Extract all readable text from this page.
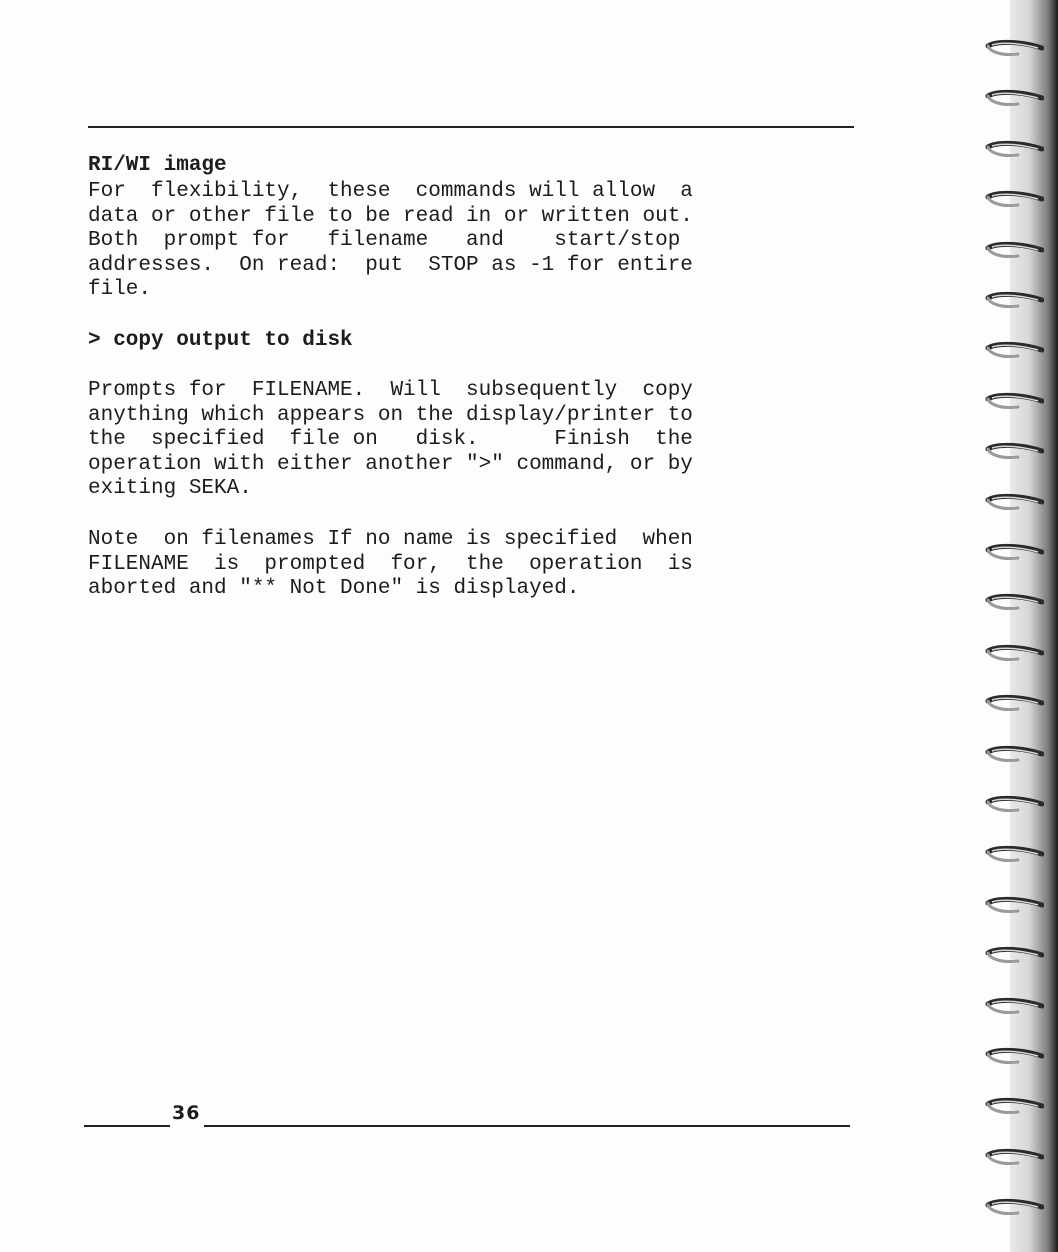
RI/WI image
For  flexibility,  these  commands will allow  a
data or other file to be read in or written out.
Both  prompt for   filename   and    start/stop
addresses.  On read:  put  STOP as -1 for entire
file.
> copy output to disk
Prompts for  FILENAME.  Will  subsequently  copy
anything which appears on the display/printer to
the  specified  file on   disk.      Finish  the
operation with either another ">" command, or by
exiting SEKA.
Note  on filenames If no name is specified  when
FILENAME  is  prompted  for,  the  operation  is
aborted and "** Not Done" is displayed.
36
